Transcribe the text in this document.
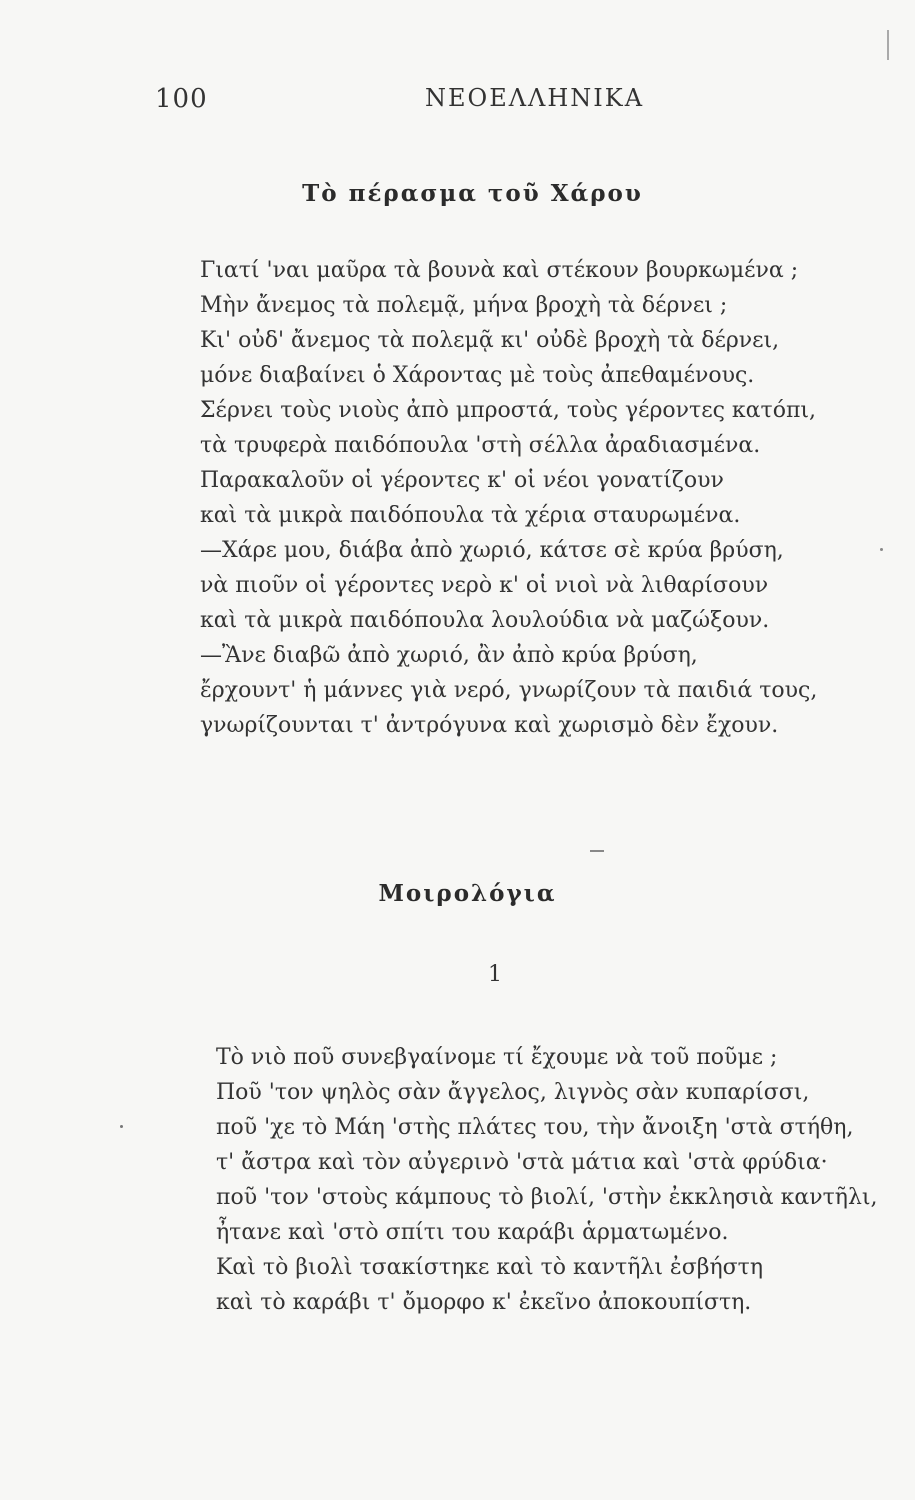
100	ΝΕΟΕΛΛΗΝΙΚΑ
Τὸ πέρασμα τοῦ Χάρου
Γιατί 'ναι μαῦρα τὰ βουνὰ καὶ στέκουν βουρκωμένα ;
Μὴν ἄνεμος τὰ πολεμᾷ, μήνα βροχὴ τὰ δέρνει ;
Κι' οὐδ' ἄνεμος τὰ πολεμᾷ κι' οὐδὲ βροχὴ τὰ δέρνει,
μόνε διαβαίνει ὁ Χάροντας μὲ τοὺς ἀπεθαμένους.
Σέρνει τοὺς νιοὺς ἀπὸ μπροστά, τοὺς γέροντες κατόπι,
τὰ τρυφερὰ παιδόπουλα 'στὴ σέλλα ἀραδιασμένα.
Παρακαλοῦν οἱ γέροντες κ' οἱ νέοι γονατίζουν
καὶ τὰ μικρὰ παιδόπουλα τὰ χέρια σταυρωμένα.
—Χάρε μου, διάβα ἀπὸ χωριό, κάτσε σὲ κρύα βρύση,
νὰ πιοῦν οἱ γέροντες νερὸ κ' οἱ νιοὶ νὰ λιθαρίσουν
καὶ τὰ μικρὰ παιδόπουλα λουλούδια νὰ μαζώξουν.
—Ἂνε διαβῶ ἀπὸ χωριό, ἂν ἀπὸ κρύα βρύση,
ἔρχουντ' ἡ μάννες γιὰ νερό, γνωρίζουν τὰ παιδιά τους,
γνωρίζουνται τ' ἀντρόγυνα καὶ χωρισμὸ δὲν ἔχουν.
Μοιρολόγια
1
Τὸ νιὸ ποῦ συνεβγαίνομε τί ἔχουμε νὰ τοῦ ποῦμε ;
Ποῦ 'τον ψηλὸς σὰν ἄγγελος, λιγνὸς σὰν κυπαρίσσι,
ποῦ 'χε τὸ Μάη 'στὴς πλάτες του, τὴν ἄνοιξη 'στὰ στήθη,
τ' ἄστρα καὶ τὸν αὐγερινὸ 'στὰ μάτια καὶ 'στὰ φρύδια·
ποῦ 'τον 'στοὺς κάμπους τὸ βιολί, 'στὴν ἐκκλησιὰ καντῆλι,
ἦτανε καὶ 'στὸ σπίτι του καράβι ἁρματωμένο.
Καὶ τὸ βιολὶ τσακίστηκε καὶ τὸ καντῆλι ἐσβήστη
καὶ τὸ καράβι τ' ὄμορφο κ' ἐκεῖνο ἀποκουπίστη.
